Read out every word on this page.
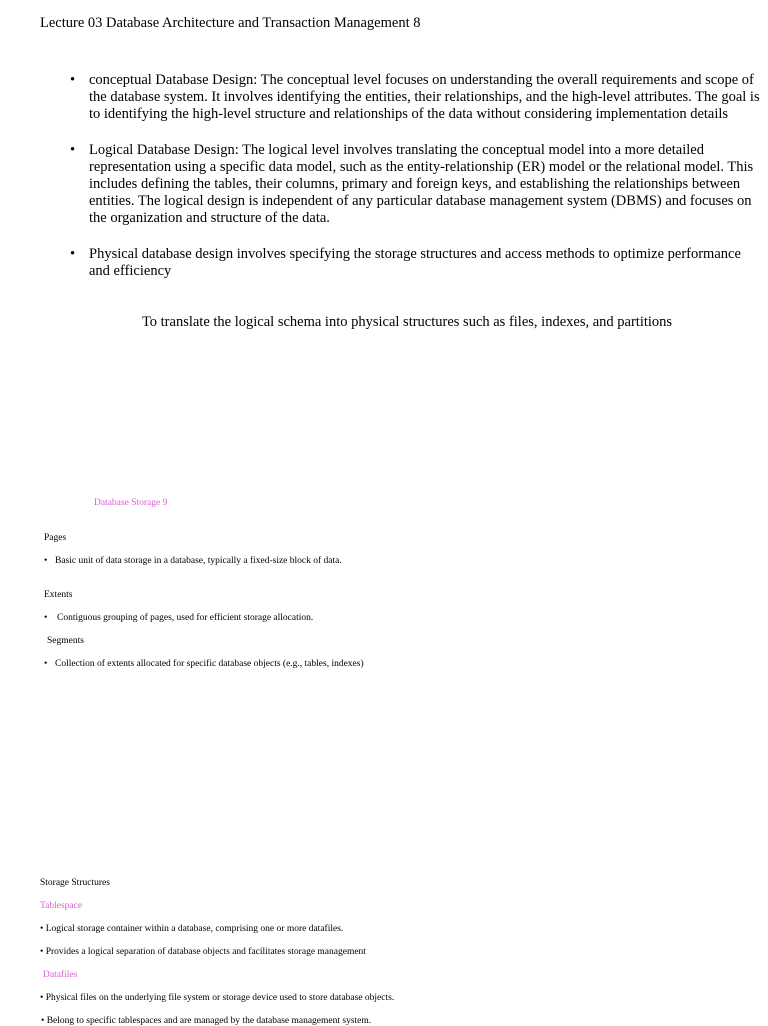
Lecture 03 Database Architecture and Transaction Management 8
• conceptual Database Design: The conceptual level focuses on understanding the overall requirements and scope of the database system. It involves identifying the entities, their relationships, and the high-level attributes. The goal is to identifying the high-level structure and relationships of the data without considering implementation details
• Logical Database Design: The logical level involves translating the conceptual model into a more detailed representation using a specific data model, such as the entity-relationship (ER) model or the relational model. This includes defining the tables, their columns, primary and foreign keys, and establishing the relationships between entities. The logical design is independent of any particular database management system (DBMS) and focuses on the organization and structure of the data.
• Physical database design involves specifying the storage structures and access methods to optimize performance and efficiency
To translate the logical schema into physical structures such as files, indexes, and partitions
Database Storage 9
Pages
• Basic unit of data storage in a database, typically a fixed-size block of data.
Extents
• Contiguous grouping of pages, used for efficient storage allocation.
Segments
• Collection of extents allocated for specific database objects (e.g., tables, indexes)
Storage Structures
Tablespace
• Logical storage container within a database, comprising one or more datafiles.
• Provides a logical separation of database objects and facilitates storage management
Datafiles
• Physical files on the underlying file system or storage device used to store database objects.
• Belong to specific tablespaces and are managed by the database management system.
